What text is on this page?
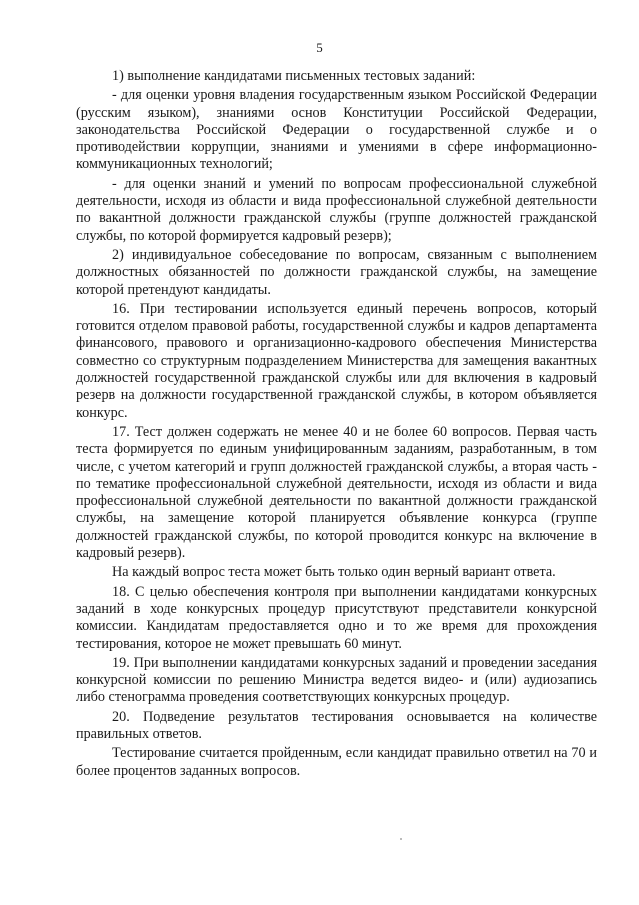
5

1) выполнение кандидатами письменных тестовых заданий:

- для оценки уровня владения государственным языком Российской Федерации (русским языком), знаниями основ Конституции Российской Федерации, законодательства Российской Федерации о государственной службе и о противодействии коррупции, знаниями и умениями в сфере информационно-коммуникационных технологий;

- для оценки знаний и умений по вопросам профессиональной служебной деятельности, исходя из области и вида профессиональной служебной деятельности по вакантной должности гражданской службы (группе должностей гражданской службы, по которой формируется кадровый резерв);

2) индивидуальное собеседование по вопросам, связанным с выполнением должностных обязанностей по должности гражданской службы, на замещение которой претендуют кандидаты.

16. При тестировании используется единый перечень вопросов, который готовится отделом правовой работы, государственной службы и кадров департамента финансового, правового и организационно-кадрового обеспечения Министерства совместно со структурным подразделением Министерства для замещения вакантных должностей государственной гражданской службы или для включения в кадровый резерв на должности государственной гражданской службы, в котором объявляется конкурс.

17. Тест должен содержать не менее 40 и не более 60 вопросов. Первая часть теста формируется по единым унифицированным заданиям, разработанным, в том числе, с учетом категорий и групп должностей гражданской службы, а вторая часть - по тематике профессиональной служебной деятельности, исходя из области и вида профессиональной служебной деятельности по вакантной должности гражданской службы, на замещение которой планируется объявление конкурса (группе должностей гражданской службы, по которой проводится конкурс на включение в кадровый резерв).

На каждый вопрос теста может быть только один верный вариант ответа.

18. С целью обеспечения контроля при выполнении кандидатами конкурсных заданий в ходе конкурсных процедур присутствуют представители конкурсной комиссии. Кандидатам предоставляется одно и то же время для прохождения тестирования, которое не может превышать 60 минут.

19. При выполнении кандидатами конкурсных заданий и проведении заседания конкурсной комиссии по решению Министра ведется видео- и (или) аудиозапись либо стенограмма проведения соответствующих конкурсных процедур.

20. Подведение результатов тестирования основывается на количестве правильных ответов.

Тестирование считается пройденным, если кандидат правильно ответил на 70 и более процентов заданных вопросов.
